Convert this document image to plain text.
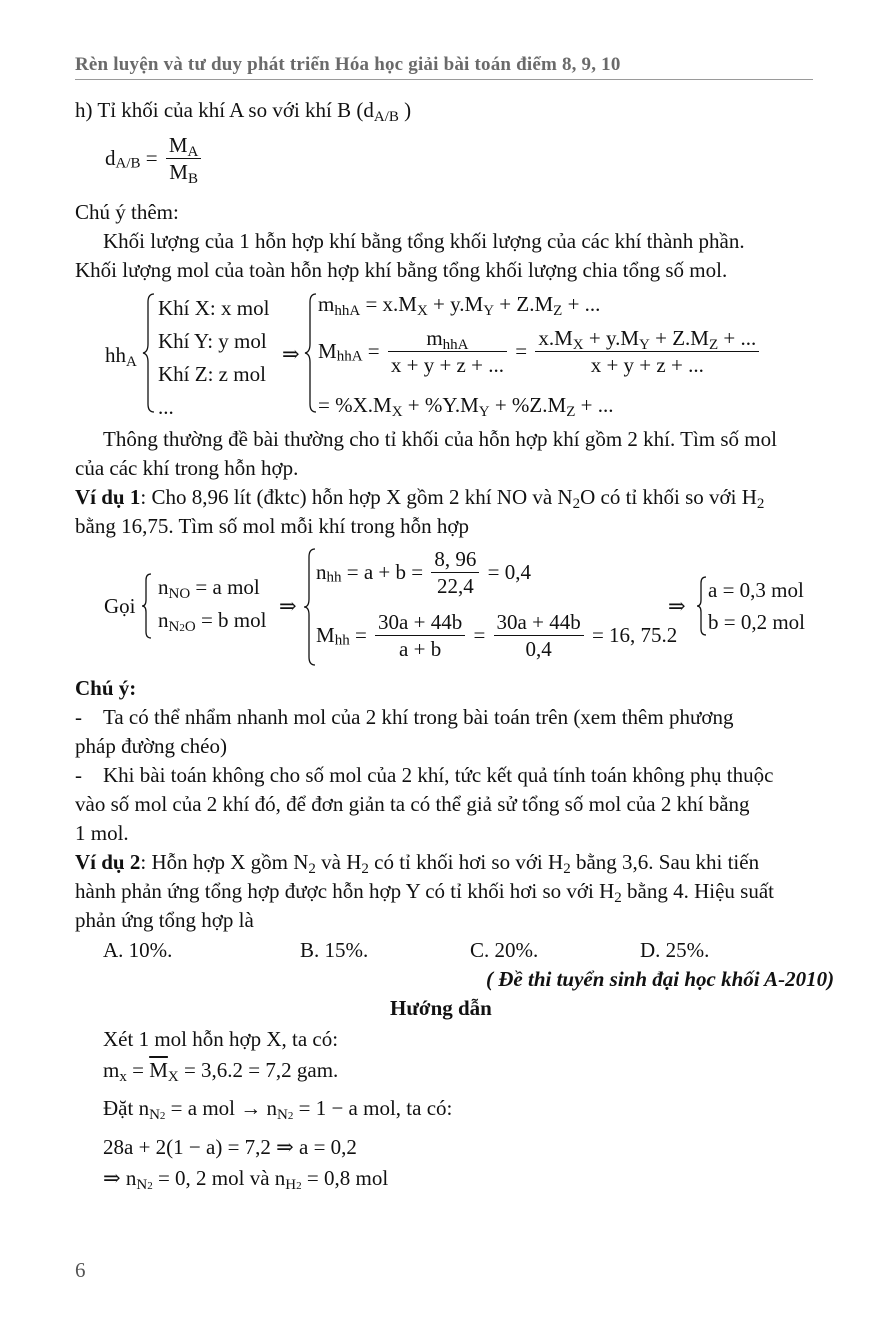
Rèn luyện và tư duy phát triển Hóa học giải bài toán điểm 8, 9, 10
h) Tỉ khối của khí A so với khí B ($d_{A/B}$ )
$d_{A/B} = \frac{M_A}{M_B}$
Chú ý thêm:
Khối lượng của 1 hỗn hợp khí bằng tổng khối lượng của các khí thành phần.
Khối lượng mol của toàn hỗn hợp khí bằng tổng khối lượng chia tổng số mol.
$hh_A$
Khí X: x mol
Khí Y: y mol
Khí Z: z mol
...
⇒
$m_{hhA} = x.M_X + y.M_Y + Z.M_Z$ + ...
$M_{hhA} = \frac{m_{hhA}}{x + y + z + ...} = \frac{x.M_X + y.M_Y + Z.M_Z + ...}{x + y + z + ...}$
= $\%X.M_X + \%Y.M_Y + \%Z.M_Z$ + ...
Thông thường đề bài thường cho tỉ khối của hỗn hợp khí gồm 2 khí. Tìm số mol
của các khí trong hỗn hợp.
Ví dụ 1: Cho 8,96 lít (đktc) hỗn hợp X gồm 2 khí NO và $N_2O$ có tỉ khối so với $H_2$
bằng 16,75. Tìm số mol mỗi khí trong hỗn hợp
Gọi
$n_{NO} = a$ mol
$n_{N2O} = b$ mol
⇒
$n_{hh} = a + b = \frac{8, 96}{22,4} = 0,4$
$M_{hh} = \frac{30a + 44b}{a + b} = \frac{30a + 44b}{0,4} = 16$, 75.2
⇒
a = 0,3 mol
b = 0,2 mol
Chú ý:
- Ta có thể nhẩm nhanh mol của 2 khí trong bài toán trên (xem thêm phương
pháp đường chéo)
- Khi bài toán không cho số mol của 2 khí, tức kết quả tính toán không phụ thuộc
vào số mol của 2 khí đó, để đơn giản ta có thể giả sử tổng số mol của 2 khí bằng
1 mol.
Ví dụ 2: Hỗn hợp X gồm $N_2$ và $H_2$ có tỉ khối hơi so với $H_2$ bằng 3,6. Sau khi tiến
hành phản ứng tổng hợp được hỗn hợp Y có tỉ khối hơi so với $H_2$ bằng 4. Hiệu suất
phản ứng tổng hợp là
A. 10%.	B. 15%.	C. 20%.	D. 25%.
( Đề thi tuyển sinh đại học khối A-2010)
Hướng dẫn
Xét 1 mol hỗn hợp X, ta có:
$m_x = \overline{M}_X = 3,6.2 = 7,2$ gam.
Đặt $n_{N2} = a$ mol → $n_{N2} = 1 - a$ mol, ta có:
28a + 2(1 − a) = 7,2 ⇒ a = 0,2
⇒ $n_{N2} = 0$, 2 mol và $n_{H2} = 0,8$ mol
6
